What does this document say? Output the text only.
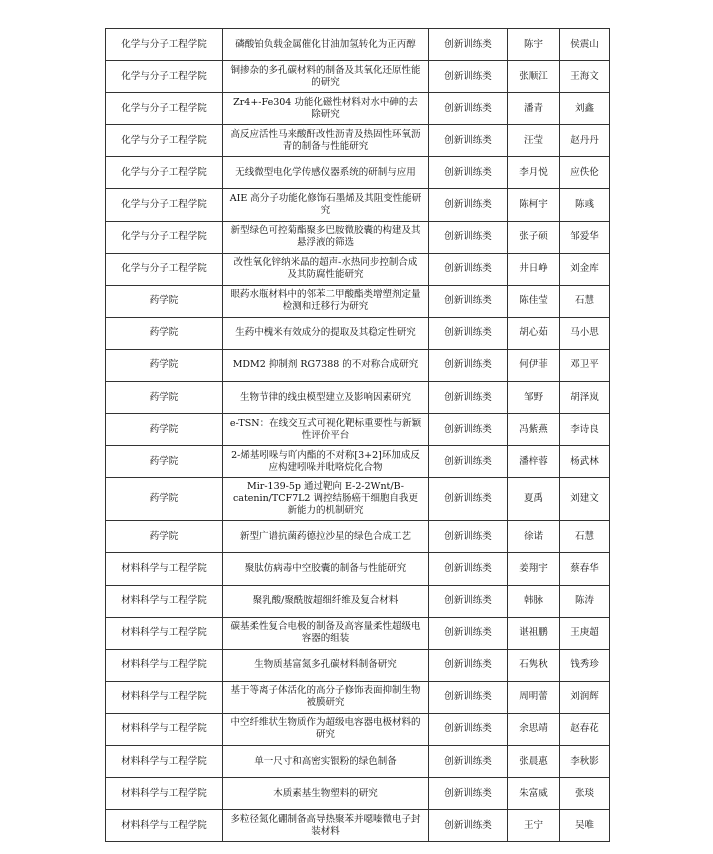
化学与分子工程学院	磷酸铂负载金属催化甘油加氢转化为正丙醇	创新训练类	陈宇	侯震山
化学与分子工程学院	铜掺杂的多孔碳材料的制备及其氧化还原性能的研究	创新训练类	张顺江	王海文
化学与分子工程学院	Zr4+-Fe304 功能化磁性材料对水中砷的去除研究	创新训练类	潘青	刘鑫
化学与分子工程学院	高反应活性马来酸酐改性沥青及热固性环氧沥青的制备与性能研究	创新训练类	汪莹	赵丹丹
化学与分子工程学院	无线微型电化学传感仪器系统的研制与应用	创新训练类	李月悦	应佚伦
化学与分子工程学院	AIE 高分子功能化修饰石墨烯及其阻变性能研究	创新训练类	陈柯宇	陈彧
化学与分子工程学院	新型绿色可控菊酯聚多巴胺微胶囊的构建及其悬浮液的筛选	创新训练类	张子硕	邹爱华
化学与分子工程学院	改性氧化锌纳米晶的超声-水热同步控制合成及其防腐性能研究	创新训练类	井日峥	刘金库
药学院	眼药水瓶材料中的邻苯二甲酸酯类增塑剂定量检测和迁移行为研究	创新训练类	陈佳莹	石慧
药学院	生药中槐米有效成分的提取及其稳定性研究	创新训练类	胡心茹	马小思
药学院	MDM2 抑制剂 RG7388 的不对称合成研究	创新训练类	何伊菲	邓卫平
药学院	生物节律的线虫模型建立及影响因素研究	创新训练类	邹野	胡泽岚
药学院	e-TSN：在线交互式可视化靶标重要性与新颖性评价平台	创新训练类	冯紫燕	李诗良
药学院	2-烯基吲哚与吖内酯的不对称[3+2]环加成反应构建吲哚并吡咯烷化合物	创新训练类	潘梓蓉	杨武林
药学院	Mir-139-5p 通过靶向 E-2-2Wnt/B-catenin/TCF7L2 调控结肠癌干细胞自我更新能力的机制研究	创新训练类	夏禹	刘建文
药学院	新型广谱抗菌药德拉沙星的绿色合成工艺	创新训练类	徐诺	石慧
材料科学与工程学院	聚肽仿病毒中空胶囊的制备与性能研究	创新训练类	姜翔宇	蔡春华
材料科学与工程学院	聚乳酸/聚酰胺超细纤维及复合材料	创新训练类	韩脉	陈涛
材料科学与工程学院	碳基柔性复合电极的制备及高容量柔性超级电容器的组装	创新训练类	谌祖鹏	王庚超
材料科学与工程学院	生物质基富氮多孔碳材料制备研究	创新训练类	石隽秋	钱秀珍
材料科学与工程学院	基于等离子体活化的高分子修饰表面抑制生物被膜研究	创新训练类	周明蕾	刘润辉
材料科学与工程学院	中空纤维状生物质作为超级电容器电极材料的研究	创新训练类	余思靖	赵春花
材料科学与工程学院	单一尺寸和高密实银粉的绿色制备	创新训练类	张晨惠	李秋影
材料科学与工程学院	木质素基生物塑料的研究	创新训练类	朱富威	张琰
材料科学与工程学院	多粒径氮化硼制备高导热聚苯并噁嗪微电子封装材料	创新训练类	王宁	吴唯
